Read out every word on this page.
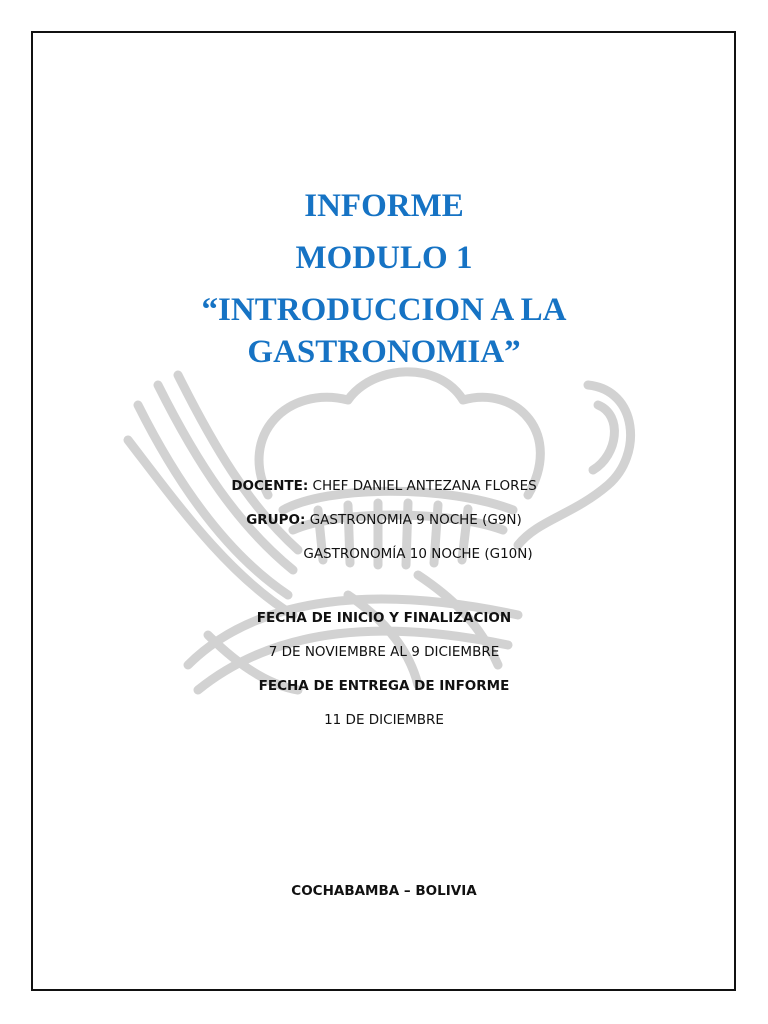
INFORME
MODULO 1
“INTRODUCCION A LA
GASTRONOMIA”
DOCENTE: CHEF DANIEL ANTEZANA FLORES
GRUPO: GASTRONOMIA 9 NOCHE (G9N)
GASTRONOMÍA 10 NOCHE (G10N)
FECHA DE INICIO Y FINALIZACION
7 DE NOVIEMBRE AL 9 DICIEMBRE
FECHA DE ENTREGA DE INFORME
11 DE DICIEMBRE
COCHABAMBA – BOLIVIA
